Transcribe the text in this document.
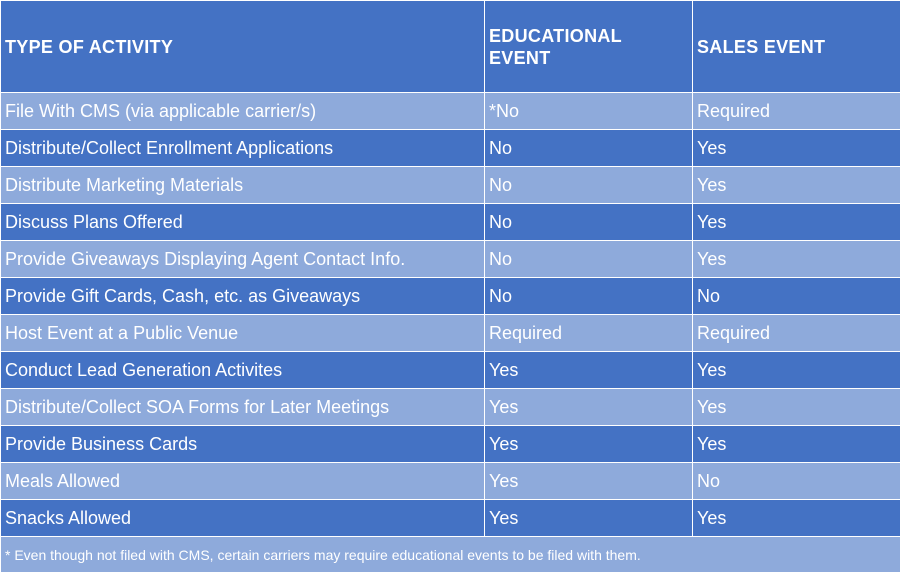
TYPE OF ACTIVITY	EDUCATIONAL EVENT	SALES EVENT
File With CMS (via applicable carrier/s)	*No	Required
Distribute/Collect Enrollment Applications	No	Yes
Distribute Marketing Materials	No	Yes
Discuss Plans Offered	No	Yes
Provide Giveaways Displaying Agent Contact Info.	No	Yes
Provide Gift Cards, Cash, etc. as Giveaways	No	No
Host Event at a Public Venue	Required	Required
Conduct Lead Generation Activites	Yes	Yes
Distribute/Collect SOA Forms for Later Meetings	Yes	Yes
Provide Business Cards	Yes	Yes
Meals Allowed	Yes	No
Snacks Allowed	Yes	Yes
* Even though not filed with CMS, certain carriers may require educational events to be filed with them.		
